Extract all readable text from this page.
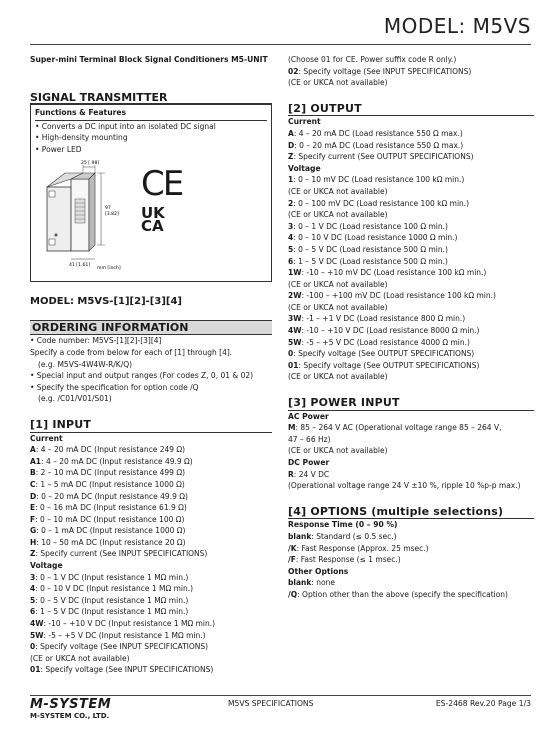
MODEL: M5VS
Super-mini Terminal Block Signal Conditioners M5-UNIT
SIGNAL TRANSMITTER
Functions & Features
• Converts a DC input into an isolated DC signal
• High-density mounting
• Power LED
25 [.98]
97
[3.82]
41 [1.61]
mm [inch]
CE
UK
CA
MODEL: M5VS-[1][2]-[3][4]
ORDERING INFORMATION
• Code number: M5VS-[1][2]-[3][4]
Specify a code from below for each of [1] through [4].
(e.g. M5VS-4W4W-R/K/Q)
• Special input and output ranges (For codes Z, 0, 01 & 02)
• Specify the specification for option code /Q
(e.g. /C01/V01/S01)
[1] INPUT
Current
A: 4 – 20 mA DC (Input resistance 249 Ω)
A1: 4 – 20 mA DC (Input resistance 49.9 Ω)
B: 2 – 10 mA DC (Input resistance 499 Ω)
C: 1 – 5 mA DC (Input resistance 1000 Ω)
D: 0 – 20 mA DC (Input resistance 49.9 Ω)
E: 0 – 16 mA DC (Input resistance 61.9 Ω)
F: 0 – 10 mA DC (Input resistance 100 Ω)
G: 0 – 1 mA DC (Input resistance 1000 Ω)
H: 10 – 50 mA DC (Input resistance 20 Ω)
Z: Specify current (See INPUT SPECIFICATIONS)
Voltage
3: 0 – 1 V DC (Input resistance 1 MΩ min.)
4: 0 – 10 V DC (Input resistance 1 MΩ min.)
5: 0 – 5 V DC (Input resistance 1 MΩ min.)
6: 1 – 5 V DC (Input resistance 1 MΩ min.)
4W: -10 – +10 V DC (Input resistance 1 MΩ min.)
5W: -5 – +5 V DC (Input resistance 1 MΩ min.)
0: Specify voltage (See INPUT SPECIFICATIONS)
(CE or UKCA not available)
01: Specify voltage (See INPUT SPECIFICATIONS)
(Choose 01 for CE. Power suffix code R only.)
02: Specify voltage (See INPUT SPECIFICATIONS)
(CE or UKCA not available)
[2] OUTPUT
Current
A: 4 – 20 mA DC (Load resistance 550 Ω max.)
D: 0 – 20 mA DC (Load resistance 550 Ω max.)
Z: Specify current (See OUTPUT SPECIFICATIONS)
Voltage
1: 0 – 10 mV DC (Load resistance 100 kΩ min.)
(CE or UKCA not available)
2: 0 – 100 mV DC (Load resistance 100 kΩ min.)
(CE or UKCA not available)
3: 0 – 1 V DC (Load resistance 100 Ω min.)
4: 0 – 10 V DC (Load resistance 1000 Ω min.)
5: 0 – 5 V DC (Load resistance 500 Ω min.)
6: 1 – 5 V DC (Load resistance 500 Ω min.)
1W: -10 – +10 mV DC (Load resistance 100 kΩ min.)
(CE or UKCA not available)
2W: -100 – +100 mV DC (Load resistance 100 kΩ min.)
(CE or UKCA not available)
3W: -1 – +1 V DC (Load resistance 800 Ω min.)
4W: -10 – +10 V DC (Load resistance 8000 Ω min.)
5W: -5 – +5 V DC (Load resistance 4000 Ω min.)
0: Specify voltage (See OUTPUT SPECIFICATIONS)
01: Specify voltage (See OUTPUT SPECIFICATIONS)
(CE or UKCA not available)
[3] POWER INPUT
AC Power
M: 85 – 264 V AC (Operational voltage range 85 – 264 V,
47 – 66 Hz)
(CE or UKCA not available)
DC Power
R: 24 V DC
(Operational voltage range 24 V ±10 %, ripple 10 %p-p max.)
[4] OPTIONS (multiple selections)
Response Time (0 – 90 %)
blank: Standard (≤ 0.5 sec.)
/K: Fast Response (Approx. 25 msec.)
/F: Fast Response (≤ 1 msec.)
Other Options
blank: none
/Q: Option other than the above (specify the specification)
M-SYSTEM
M-SYSTEM CO., LTD.
M5VS SPECIFICATIONS	ES-2468 Rev.20 Page 1/3
